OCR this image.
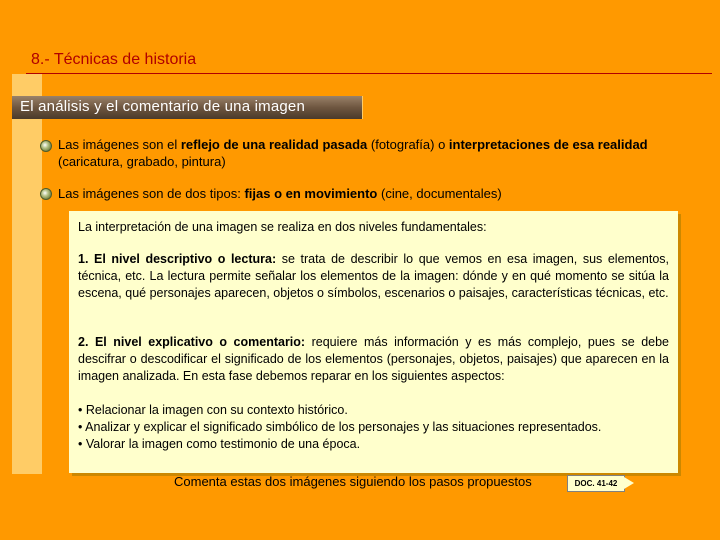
8.- Técnicas de historia
El análisis y el comentario de una imagen
Las imágenes son el reflejo de una realidad pasada (fotografía) o interpretaciones de esa realidad (caricatura, grabado, pintura)
Las imágenes son de dos tipos: fijas o en movimiento (cine, documentales)
La interpretación de una imagen se realiza en dos niveles fundamentales:
1. El nivel descriptivo o lectura: se trata de describir lo que vemos en esa imagen, sus elementos, técnica, etc. La lectura permite señalar los elementos de la imagen: dónde y en qué momento se sitúa la escena, qué personajes aparecen, objetos o símbolos, escenarios o paisajes, características técnicas, etc.
2. El nivel explicativo o comentario: requiere más información y es más complejo, pues se debe descifrar o descodificar el significado de los elementos (personajes, objetos, paisajes) que aparecen en la imagen analizada. En esta fase debemos reparar en los siguientes aspectos:
• Relacionar la imagen con su contexto histórico.
• Analizar y explicar el significado simbólico de los personajes y las situaciones representados.
• Valorar la imagen como testimonio de una época.
Comenta estas dos imágenes siguiendo los pasos propuestos	DOC. 41-42
